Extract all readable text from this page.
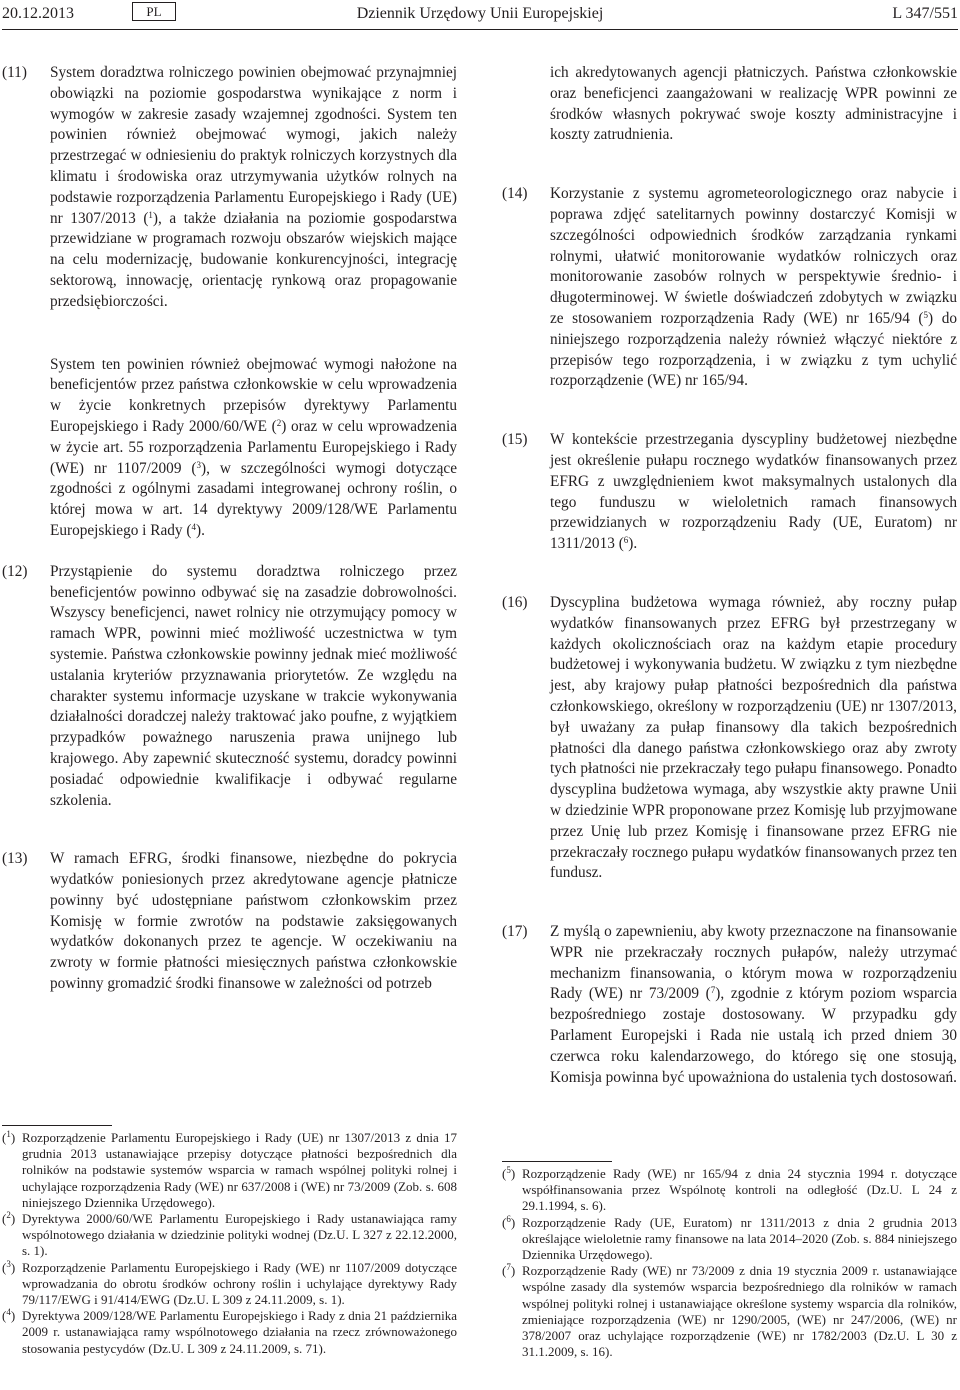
20.12.2013	Dziennik Urzędowy Unii Europejskiej
PL	L 347/551
(11)	System doradztwa rolniczego powinien obejmować przynajmniej obowiązki na poziomie gospodarstwa wynikające z norm i wymogów w zakresie zasady wzajemnej zgodności. System ten powinien również obejmować wymogi, jakich należy przestrzegać w odniesieniu do praktyk rolniczych korzystnych dla klimatu i środowiska oraz utrzymywania użytków rolnych na podstawie rozporządzenia Parlamentu Europejskiego i Rady (UE) nr 1307/2013 ($^1$), a także działania na poziomie gospodarstwa przewidziane w programach rozwoju obszarów wiejskich mające na celu modernizację, budowanie konkurencyjności, integrację sektorową, innowację, orientację rynkową oraz propagowanie przedsiębiorczości.

System ten powinien również obejmować wymogi nałożone na beneficjentów przez państwa członkowskie w celu wprowadzenia w życie konkretnych przepisów dyrektywy Parlamentu Europejskiego i Rady 2000/60/WE ($^2$) oraz w celu wprowadzenia w życie art. 55 rozporządzenia Parlamentu Europejskiego i Rady (WE) nr 1107/2009 ($^3$), w szczególności wymogi dotyczące zgodności z ogólnymi zasadami integrowanej ochrony roślin, o której mowa w art. 14 dyrektywy 2009/128/WE Parlamentu Europejskiego i Rady ($^4$).

(12)	Przystąpienie do systemu doradztwa rolniczego przez beneficjentów powinno odbywać się na zasadzie dobrowolności. Wszyscy beneficjenci, nawet rolnicy nie otrzymujący pomocy w ramach WPR, powinni mieć możliwość uczestnictwa w tym systemie. Państwa członkowskie powinny jednak mieć możliwość ustalania kryteriów przyznawania priorytetów. Ze względu na charakter systemu informacje uzyskane w trakcie wykonywania działalności doradczej należy traktować jako poufne, z wyjątkiem przypadków poważnego naruszenia prawa unijnego lub krajowego. Aby zapewnić skuteczność systemu, doradcy powinni posiadać odpowiednie kwalifikacje i odbywać regularne szkolenia.

(13)	W ramach EFRG, środki finansowe, niezbędne do pokrycia wydatków poniesionych przez akredytowane agencje płatnicze powinny być udostępniane państwom członkowskim przez Komisję w formie zwrotów na podstawie zaksięgowanych wydatków dokonanych przez te agencje. W oczekiwaniu na zwroty w formie płatności miesięcznych państwa członkowskie powinny gromadzić środki finansowe w zależności od potrzeb

($^1$) Rozporządzenie Parlamentu Europejskiego i Rady (UE) nr 1307/2013 z dnia 17 grudnia 2013 ustanawiające przepisy dotyczące płatności bezpośrednich dla rolników na podstawie systemów wsparcia w ramach wspólnej polityki rolnej i uchylające rozporządzenia Rady (WE) nr 637/2008 i (WE) nr 73/2009 (Zob. s. 608 niniejszego Dziennika Urzędowego).
($^2$) Dyrektywa 2000/60/WE Parlamentu Europejskiego i Rady ustanawiająca ramy wspólnotowego działania w dziedzinie polityki wodnej (Dz.U. L 327 z 22.12.2000, s. 1).
($^3$) Rozporządzenie Parlamentu Europejskiego i Rady (WE) nr 1107/2009 dotyczące wprowadzania do obrotu środków ochrony roślin i uchylające dyrektywy Rady 79/117/EWG i 91/414/EWG (Dz.U. L 309 z 24.11.2009, s. 1).
($^4$) Dyrektywa 2009/128/WE Parlamentu Europejskiego i Rady z dnia 21 października 2009 r. ustanawiająca ramy wspólnotowego działania na rzecz zrównoważonego stosowania pestycydów (Dz.U. L 309 z 24.11.2009, s. 71).

ich akredytowanych agencji płatniczych. Państwa członkowskie oraz beneficjenci zaangażowani w realizację WPR powinni ze środków własnych pokrywać swoje koszty administracyjne i koszty zatrudnienia.

(14)	Korzystanie z systemu agrometeorologicznego oraz nabycie i poprawa zdjęć satelitarnych powinny dostarczyć Komisji w szczególności odpowiednich środków zarządzania rynkami rolnymi, ułatwić monitorowanie wydatków rolniczych oraz monitorowanie zasobów rolnych w perspektywie średnio- i długoterminowej. W świetle doświadczeń zdobytych w związku ze stosowaniem rozporządzenia Rady (WE) nr 165/94 ($^5$) do niniejszego rozporządzenia należy również włączyć niektóre z przepisów tego rozporządzenia, i w związku z tym uchylić rozporządzenie (WE) nr 165/94.

(15)	W kontekście przestrzegania dyscypliny budżetowej niezbędne jest określenie pułapu rocznego wydatków finansowanych przez EFRG z uwzględnieniem kwot maksymalnych ustalonych dla tego funduszu w wieloletnich ramach finansowych przewidzianych w rozporządzeniu Rady (UE, Euratom) nr 1311/2013 ($^6$).

(16)	Dyscyplina budżetowa wymaga również, aby roczny pułap wydatków finansowanych przez EFRG był przestrzegany w każdych okolicznościach oraz na każdym etapie procedury budżetowej i wykonywania budżetu. W związku z tym niezbędne jest, aby krajowy pułap płatności bezpośrednich dla państwa członkowskiego, określony w rozporządzeniu (UE) nr 1307/2013, był uważany za pułap finansowy dla takich bezpośrednich płatności dla danego państwa członkowskiego oraz aby zwroty tych płatności nie przekraczały tego pułapu finansowego. Ponadto dyscyplina budżetowa wymaga, aby wszystkie akty prawne Unii w dziedzinie WPR proponowane przez Komisję lub przyjmowane przez Unię lub przez Komisję i finansowane przez EFRG nie przekraczały rocznego pułapu wydatków finansowanych przez ten fundusz.

(17)	Z myślą o zapewnieniu, aby kwoty przeznaczone na finansowanie WPR nie przekraczały rocznych pułapów, należy utrzymać mechanizm finansowania, o którym mowa w rozporządzeniu Rady (WE) nr 73/2009 ($^7$), zgodnie z którym poziom wsparcia bezpośredniego zostaje dostosowany. W przypadku gdy Parlament Europejski i Rada nie ustalą ich przed dniem 30 czerwca roku kalendarzowego, do którego się one stosują, Komisja powinna być upoważniona do ustalenia tych dostosowań.

($^5$) Rozporządzenie Rady (WE) nr 165/94 z dnia 24 stycznia 1994 r. dotyczące współfinansowania przez Wspólnotę kontroli na odległość (Dz.U. L 24 z 29.1.1994, s. 6).
($^6$) Rozporządzenie Rady (UE, Euratom) nr 1311/2013 z dnia 2 grudnia 2013 określające wieloletnie ramy finansowe na lata 2014–2020 (Zob. s. 884 niniejszego Dziennika Urzędowego).
($^7$) Rozporządzenie Rady (WE) nr 73/2009 z dnia 19 stycznia 2009 r. ustanawiające wspólne zasady dla systemów wsparcia bezpośredniego dla rolników w ramach wspólnej polityki rolnej i ustanawiające określone systemy wsparcia dla rolników, zmieniające rozporządzenia (WE) nr 1290/2005, (WE) nr 247/2006, (WE) nr 378/2007 oraz uchylające rozporządzenie (WE) nr 1782/2003 (Dz.U. L 30 z 31.1.2009, s. 16).
